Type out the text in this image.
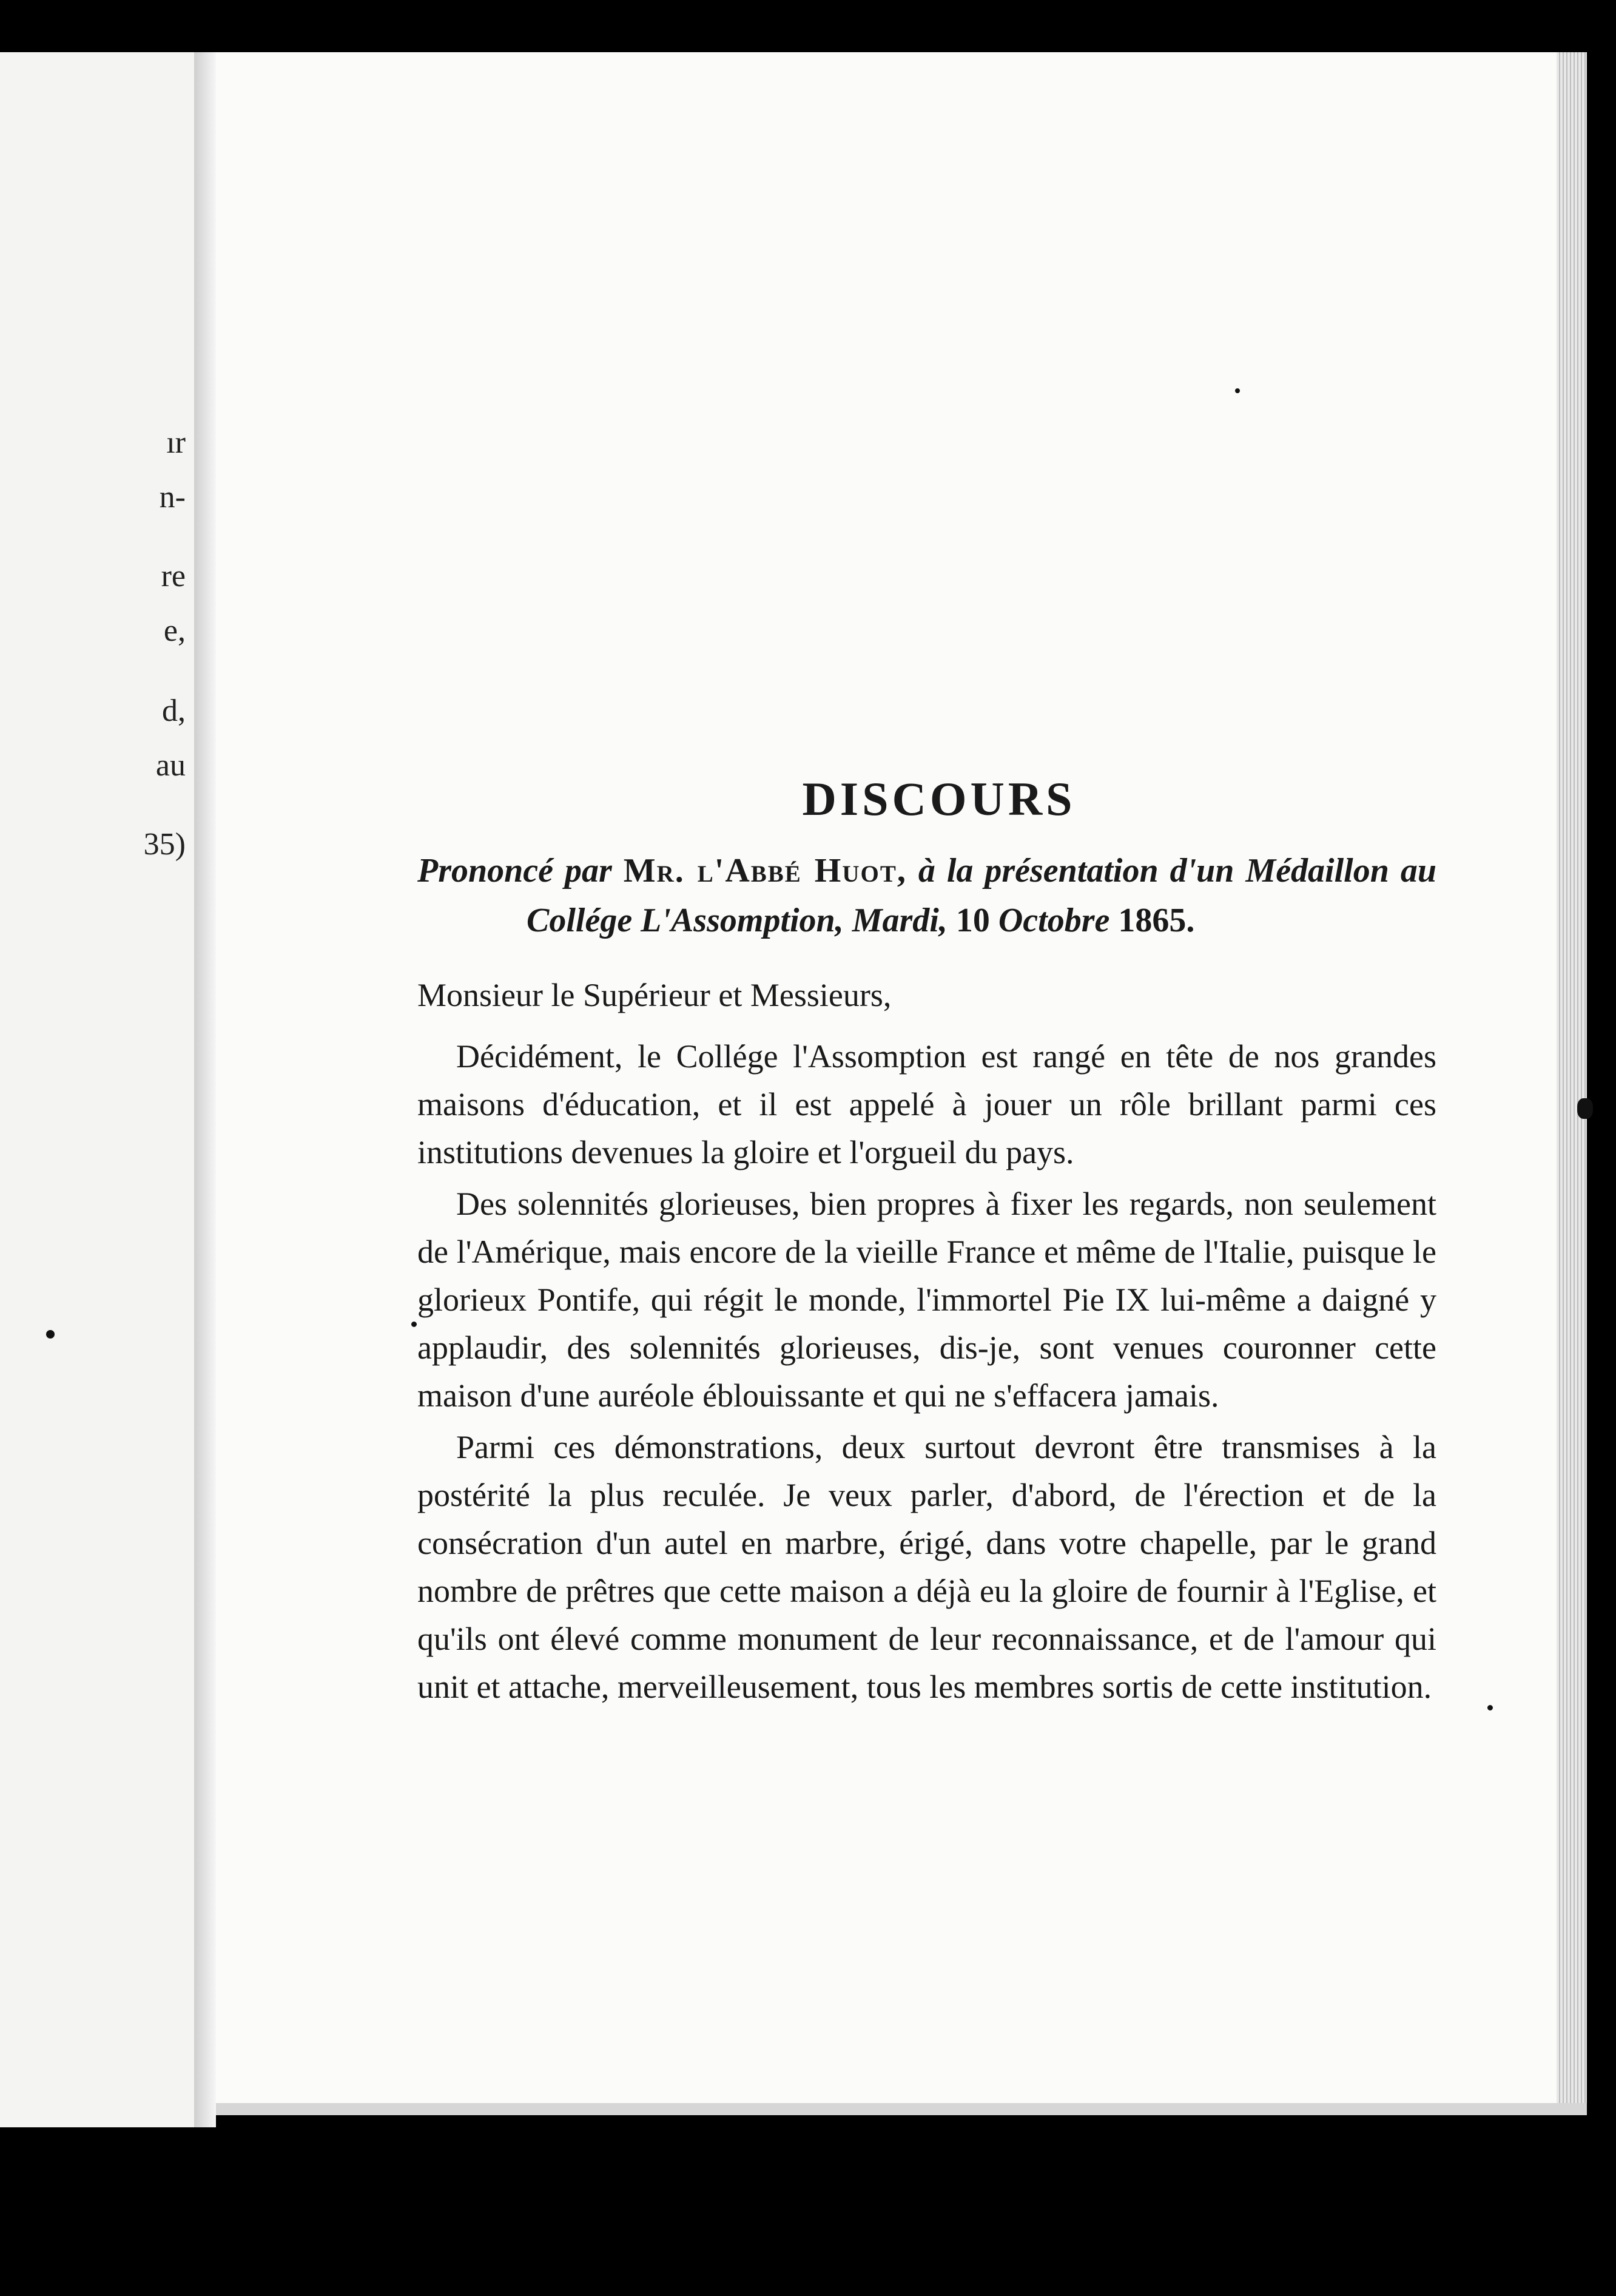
ır
n-
re
e,
d,
au
35)
DISCOURS

Prononcé par Mr. l'Abbé Huot, à la présentation d'un Médaillon au Collége L'Assomption, Mardi, 10 Octobre 1865.

Monsieur le Supérieur et Messieurs,

Décidément, le Collége l'Assomption est rangé en tête de nos grandes maisons d'éducation, et il est appelé à jouer un rôle brillant parmi ces institutions devenues la gloire et l'orgueil du pays.

Des solennités glorieuses, bien propres à fixer les regards, non seulement de l'Amérique, mais encore de la vieille France et même de l'Italie, puisque le glorieux Pontife, qui régit le monde, l'immortel Pie IX lui-même a daigné y applaudir, des solennités glorieuses, dis-je, sont venues couronner cette maison d'une auréole éblouissante et qui ne s'effacera jamais.

Parmi ces démonstrations, deux surtout devront être transmises à la postérité la plus reculée. Je veux parler, d'abord, de l'érection et de la consécration d'un autel en marbre, érigé, dans votre chapelle, par le grand nombre de prêtres que cette maison a déjà eu la gloire de fournir à l'Eglise, et qu'ils ont élevé comme monument de leur reconnaissance, et de l'amour qui unit et attache, merveilleusement, tous les membres sortis de cette institution.
